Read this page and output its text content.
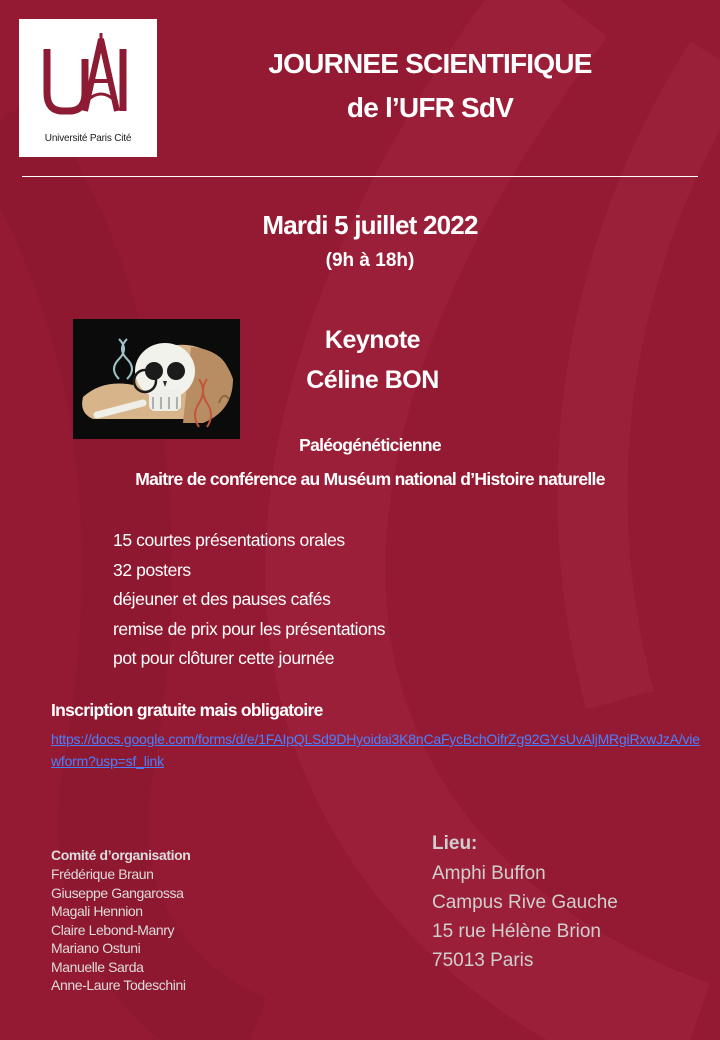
Université Paris Cité
JOURNEE SCIENTIFIQUE
de l’UFR SdV
Mardi 5 juillet 2022
(9h à 18h)
Keynote
Céline BON
Paléogénéticienne
Maitre de conférence au Muséum national d’Histoire naturelle
15 courtes présentations orales
32 posters
déjeuner et des pauses cafés
remise de prix pour les présentations
pot pour clôturer cette journée
Inscription gratuite mais obligatoire
https://docs.google.com/forms/d/e/1FAIpQLSd9DHyoidai3K8nCaFycBchOifrZg92GYsUvAljMRgiRxwJzA/viewform?usp=sf_link
Comité d’organisation
Frédérique Braun
Giuseppe Gangarossa
Magali Hennion
Claire Lebond-Manry
Mariano Ostuni
Manuelle Sarda
Anne-Laure Todeschini
Lieu:
Amphi Buffon
Campus Rive Gauche
15 rue Hélène Brion
75013 Paris
